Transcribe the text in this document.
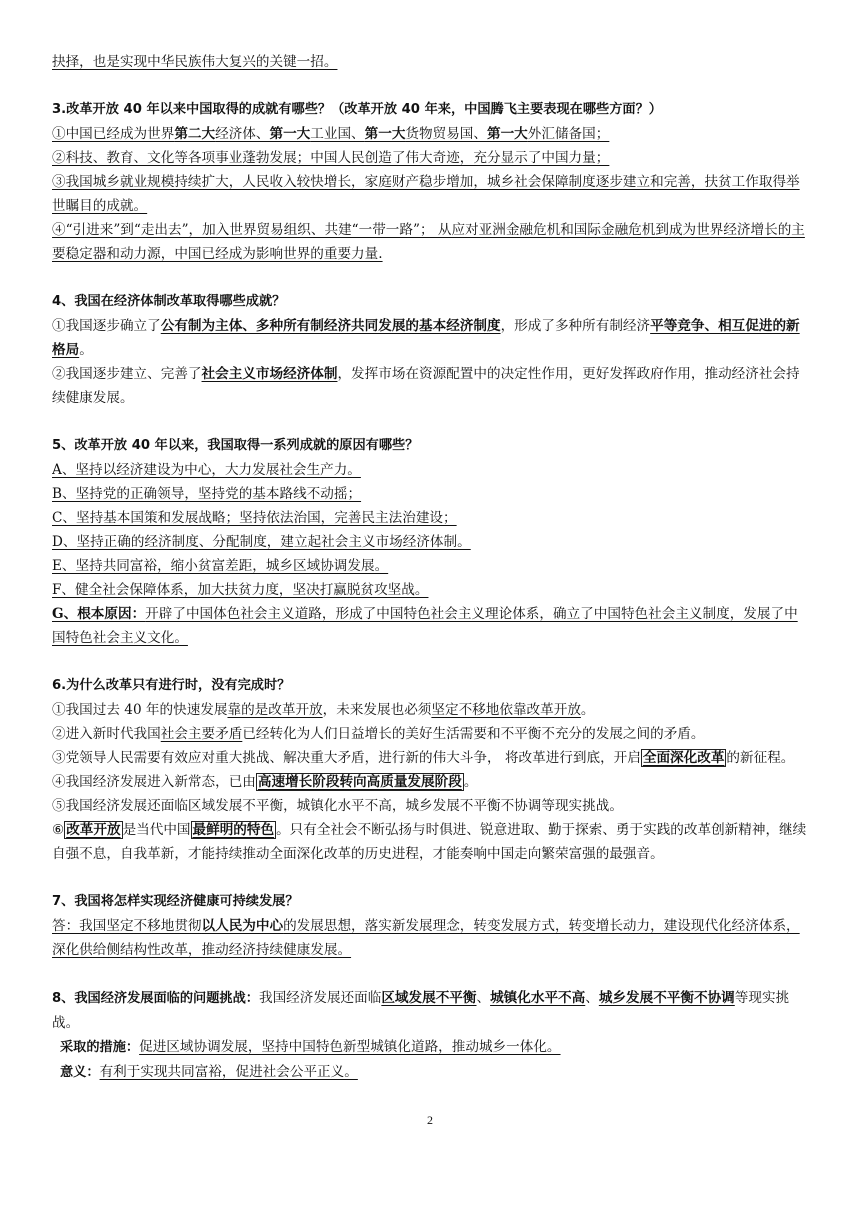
抉择，也是实现中华民族伟大复兴的关键一招。
3.改革开放 40 年以来中国取得的成就有哪些？（改革开放 40 年来，中国腾飞主要表现在哪些方面？）
①中国已经成为世界第二大经济体、第一大工业国、第一大货物贸易国、第一大外汇储备国；
②科技、教育、文化等各项事业蓬勃发展；中国人民创造了伟大奇迹，充分显示了中国力量；
③我国城乡就业规模持续扩大，人民收入较快增长，家庭财产稳步增加，城乡社会保障制度逐步建立和完善，扶贫工作取得举世瞩目的成就。
④“引进来”到“走出去”，加入世界贸易组织、共建“一带一路”； 从应对亚洲金融危机和国际金融危机到成为世界经济增长的主要稳定器和动力源，中国已经成为影响世界的重要力量.
4、我国在经济体制改革取得哪些成就？
①我国逐步确立了公有制为主体、多种所有制经济共同发展的基本经济制度，形成了多种所有制经济平等竞争、相互促进的新格局。
②我国逐步建立、完善了社会主义市场经济体制，发挥市场在资源配置中的决定性作用，更好发挥政府作用，推动经济社会持续健康发展。
5、改革开放 40 年以来，我国取得一系列成就的原因有哪些？
A、坚持以经济建设为中心，大力发展社会生产力。
B、坚持党的正确领导，坚持党的基本路线不动摇；
C、坚持基本国策和发展战略；坚持依法治国，完善民主法治建设；
D、坚持正确的经济制度、分配制度，建立起社会主义市场经济体制。
E、坚持共同富裕，缩小贫富差距，城乡区域协调发展。
F、健全社会保障体系，加大扶贫力度，坚决打赢脱贫攻坚战。
G、根本原因：开辟了中国体色社会主义道路，形成了中国特色社会主义理论体系，确立了中国特色社会主义制度，发展了中国特色社会主义文化。
6.为什么改革只有进行时，没有完成时？
①我国过去 40 年的快速发展靠的是改革开放，未来发展也必须坚定不移地依靠改革开放。
②进入新时代我国社会主要矛盾已经转化为人们日益增长的美好生活需要和不平衡不充分的发展之间的矛盾。
③党领导人民需要有效应对重大挑战、解决重大矛盾，进行新的伟大斗争， 将改革进行到底，开启 全面深化改革 的新征程。
④我国经济发展进入新常态，已由 高速增长阶段转向高质量发展阶段 。
⑤我国经济发展还面临区域发展不平衡，城镇化水平不高，城乡发展不平衡不协调等现实挑战。
⑥ 改革开放 是当代中国 最鲜明的特色 。只有全社会不断弘扬与时俱进、锐意进取、勤于探索、勇于实践的改革创新精神，继续自强不息，自我革新，才能持续推动全面深化改革的历史进程，才能奏响中国走向繁荣富强的最强音。
7、我国将怎样实现经济健康可持续发展？
答：我国坚定不移地贯彻以人民为中心的发展思想，落实新发展理念，转变发展方式，转变增长动力，建设现代化经济体系，深化供给侧结构性改革，推动经济持续健康发展。
8、我国经济发展面临的问题挑战：我国经济发展还面临区域发展不平衡、城镇化水平不高、城乡发展不平衡不协调等现实挑战。
采取的措施：促进区域协调发展，坚持中国特色新型城镇化道路，推动城乡一体化。
意义：有利于实现共同富裕，促进社会公平正义。
2
